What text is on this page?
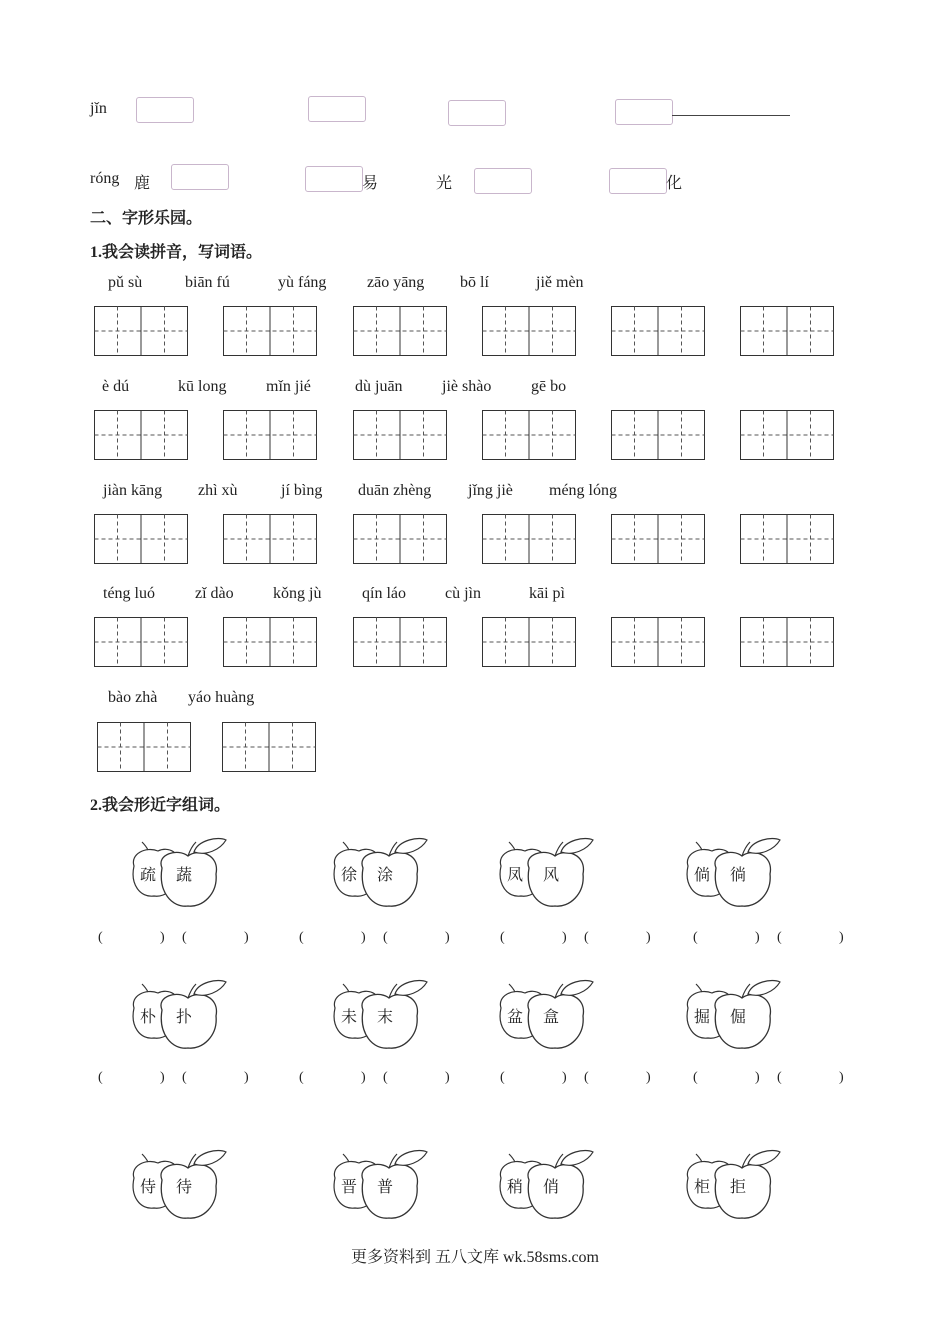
jǐn
róng 鹿	易	光	化
二、字形乐园。
1.我会读拼音，写词语。
pǔ sù	biān fú	yù fáng	zāo yāng bō lí	jiě mèn
è dú	kū long mǐn jié	dù juān jiè shào gē bo
jiàn kāng zhì xù	jí bìng duān zhèng jǐng jiè méng lóng
téng luó	zǐ dào kǒng jù	qín láo cù jìn	kāi pì
bào zhà yáo huàng
2.我会形近字组词。
疏 蔬	徐 涂	凤 风	倘 徜
朴 扑	未 末	盆 盒	掘 倔
侍 待	晋 普	稍 俏	柜 拒
(	) (	)	(	) (	)	(	) (	)	(	) (	)
(	) (	)	(	) (	)	(	) (	)	(	) (	)
更多资料到 五八文库 wk.58sms.com
